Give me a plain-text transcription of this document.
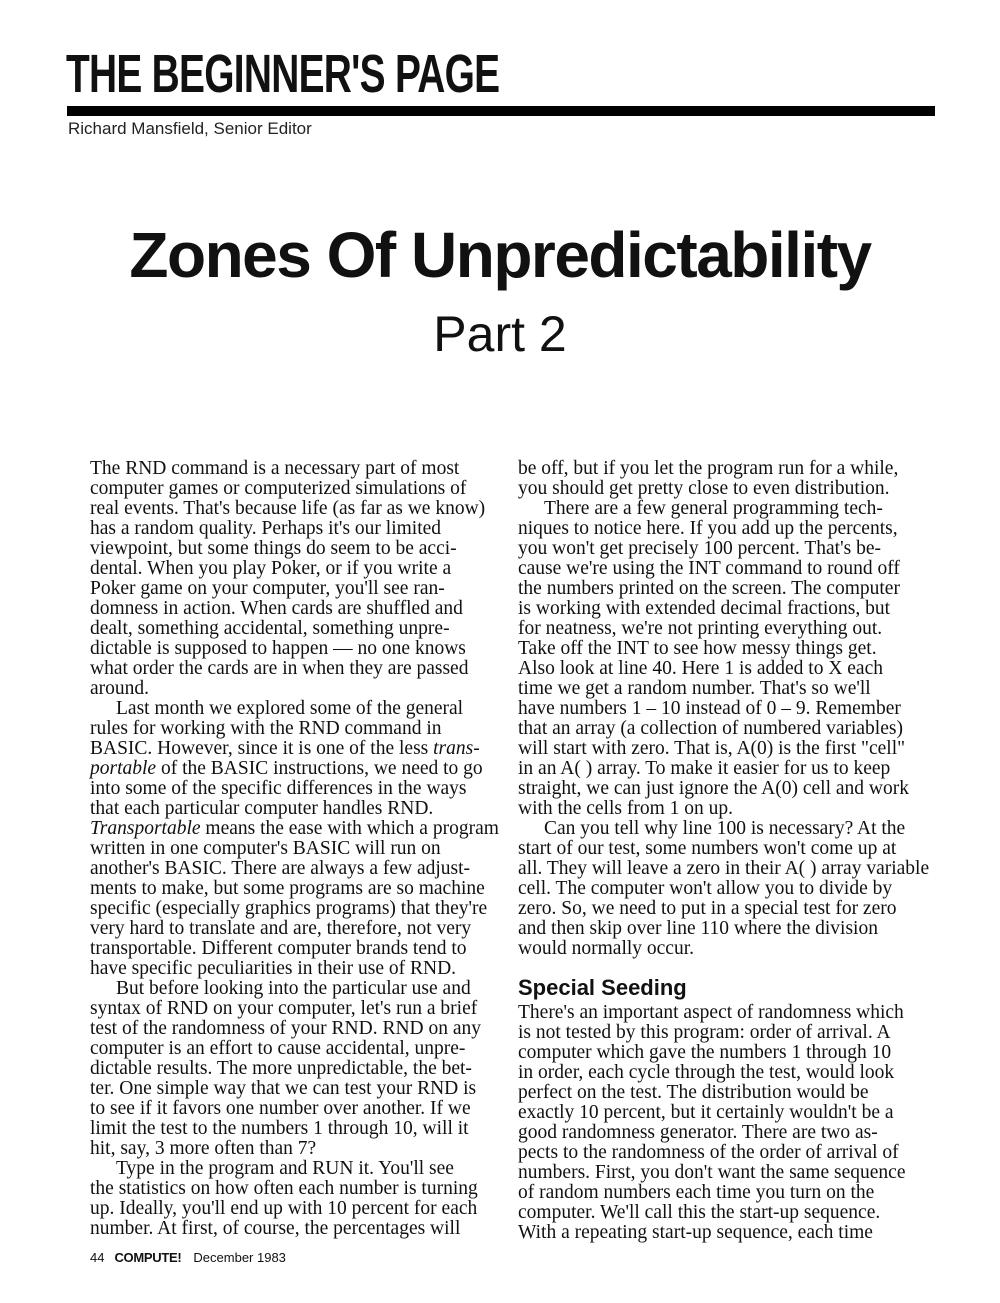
THE BEGINNER'S PAGE
Richard Mansfield, Senior Editor
Zones Of Unpredictability
Part 2
The RND command is a necessary part of most
computer games or computerized simulations of
real events. That's because life (as far as we know)
has a random quality. Perhaps it's our limited
viewpoint, but some things do seem to be acci-
dental. When you play Poker, or if you write a
Poker game on your computer, you'll see ran-
domness in action. When cards are shuffled and
dealt, something accidental, something unpre-
dictable is supposed to happen — no one knows
what order the cards are in when they are passed
around.
Last month we explored some of the general
rules for working with the RND command in
BASIC. However, since it is one of the less trans-
portable of the BASIC instructions, we need to go
into some of the specific differences in the ways
that each particular computer handles RND.
Transportable means the ease with which a program
written in one computer's BASIC will run on
another's BASIC. There are always a few adjust-
ments to make, but some programs are so machine
specific (especially graphics programs) that they're
very hard to translate and are, therefore, not very
transportable. Different computer brands tend to
have specific peculiarities in their use of RND.
But before looking into the particular use and
syntax of RND on your computer, let's run a brief
test of the randomness of your RND. RND on any
computer is an effort to cause accidental, unpre-
dictable results. The more unpredictable, the bet-
ter. One simple way that we can test your RND is
to see if it favors one number over another. If we
limit the test to the numbers 1 through 10, will it
hit, say, 3 more often than 7?
Type in the program and RUN it. You'll see
the statistics on how often each number is turning
up. Ideally, you'll end up with 10 percent for each
number. At first, of course, the percentages will
be off, but if you let the program run for a while,
you should get pretty close to even distribution.
There are a few general programming tech-
niques to notice here. If you add up the percents,
you won't get precisely 100 percent. That's be-
cause we're using the INT command to round off
the numbers printed on the screen. The computer
is working with extended decimal fractions, but
for neatness, we're not printing everything out.
Take off the INT to see how messy things get.
Also look at line 40. Here 1 is added to X each
time we get a random number. That's so we'll
have numbers 1 – 10 instead of 0 – 9. Remember
that an array (a collection of numbered variables)
will start with zero. That is, A(0) is the first "cell"
in an A( ) array. To make it easier for us to keep
straight, we can just ignore the A(0) cell and work
with the cells from 1 on up.
Can you tell why line 100 is necessary? At the
start of our test, some numbers won't come up at
all. They will leave a zero in their A( ) array variable
cell. The computer won't allow you to divide by
zero. So, we need to put in a special test for zero
and then skip over line 110 where the division
would normally occur.
Special Seeding
There's an important aspect of randomness which
is not tested by this program: order of arrival. A
computer which gave the numbers 1 through 10
in order, each cycle through the test, would look
perfect on the test. The distribution would be
exactly 10 percent, but it certainly wouldn't be a
good randomness generator. There are two as-
pects to the randomness of the order of arrival of
numbers. First, you don't want the same sequence
of random numbers each time you turn on the
computer. We'll call this the start-up sequence.
With a repeating start-up sequence, each time
44 COMPUTE! December 1983
